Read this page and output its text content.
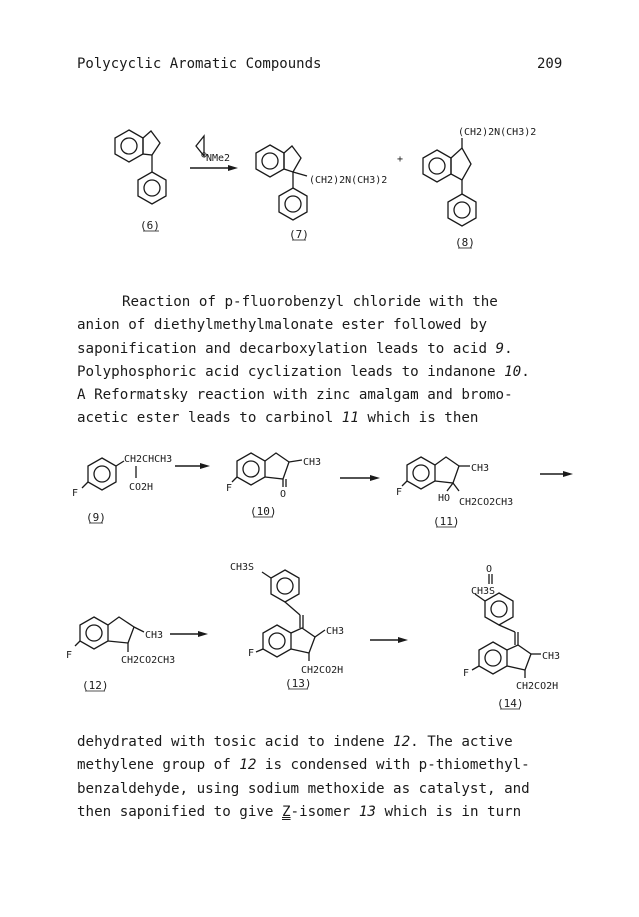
Polycyclic Aromatic Compounds	209
(6)
⊕
NMe2
(CH2)2N(CH3)2
(7)
+
(CH2)2N(CH3)2
(8)
Reaction of p-fluorobenzyl chloride with the
anion of diethylmethylmalonate ester followed by
saponification and decarboxylation leads to acid 9.
Polyphosphoric acid cyclization leads to indanone 10.
A Reformatsky reaction with zinc amalgam and bromo-
acetic ester leads to carbinol 11 which is then
CH2CHCH3
CO2H
F
(9)
CH3
O
F
(10)
CH3
HO CH2CO2CH3
F
(11)
CH3
CH2CO2CH3
F
(12)
CH3S
CH3
CH2CO2H
F
(13)
O
CH3S
CH3
CH2CO2H
F
(14)
dehydrated with tosic acid to indene 12. The active
methylene group of 12 is condensed with p-thiomethyl-
benzaldehyde, using sodium methoxide as catalyst, and
then saponified to give Z-isomer 13 which is in turn
